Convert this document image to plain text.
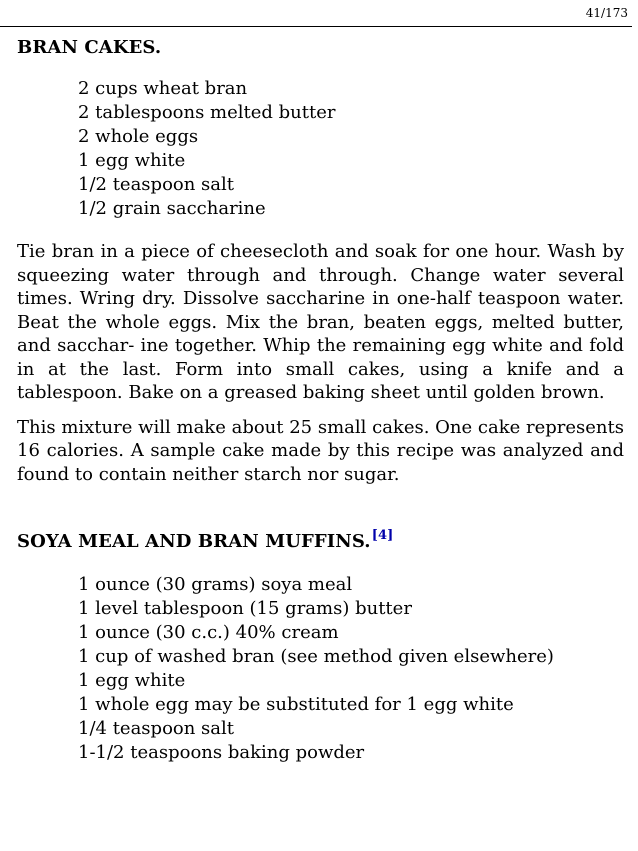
41/173
BRAN CAKES.
2 cups wheat bran
2 tablespoons melted butter
2 whole eggs
1 egg white
1/2 teaspoon salt
1/2 grain saccharine

Tie bran in a piece of cheesecloth and soak for one hour. Wash by squeezing water through and through. Change water several times. Wring dry. Dissolve saccharine in one-half teaspoon water. Beat the whole eggs. Mix the bran, beaten eggs, melted butter, and sacchar- ine together. Whip the remaining egg white and fold in at the last. Form into small cakes, using a knife and a tablespoon. Bake on a greased baking sheet until golden brown.

This mixture will make about 25 small cakes. One cake represents 16 calories. A sample cake made by this recipe was analyzed and found to contain neither starch nor sugar.

SOYA MEAL AND BRAN MUFFINS.[4]
1 ounce (30 grams) soya meal
1 level tablespoon (15 grams) butter
1 ounce (30 c.c.) 40% cream
1 cup of washed bran (see method given elsewhere)
1 egg white
1 whole egg may be substituted for 1 egg white
1/4 teaspoon salt
1-1/2 teaspoons baking powder
